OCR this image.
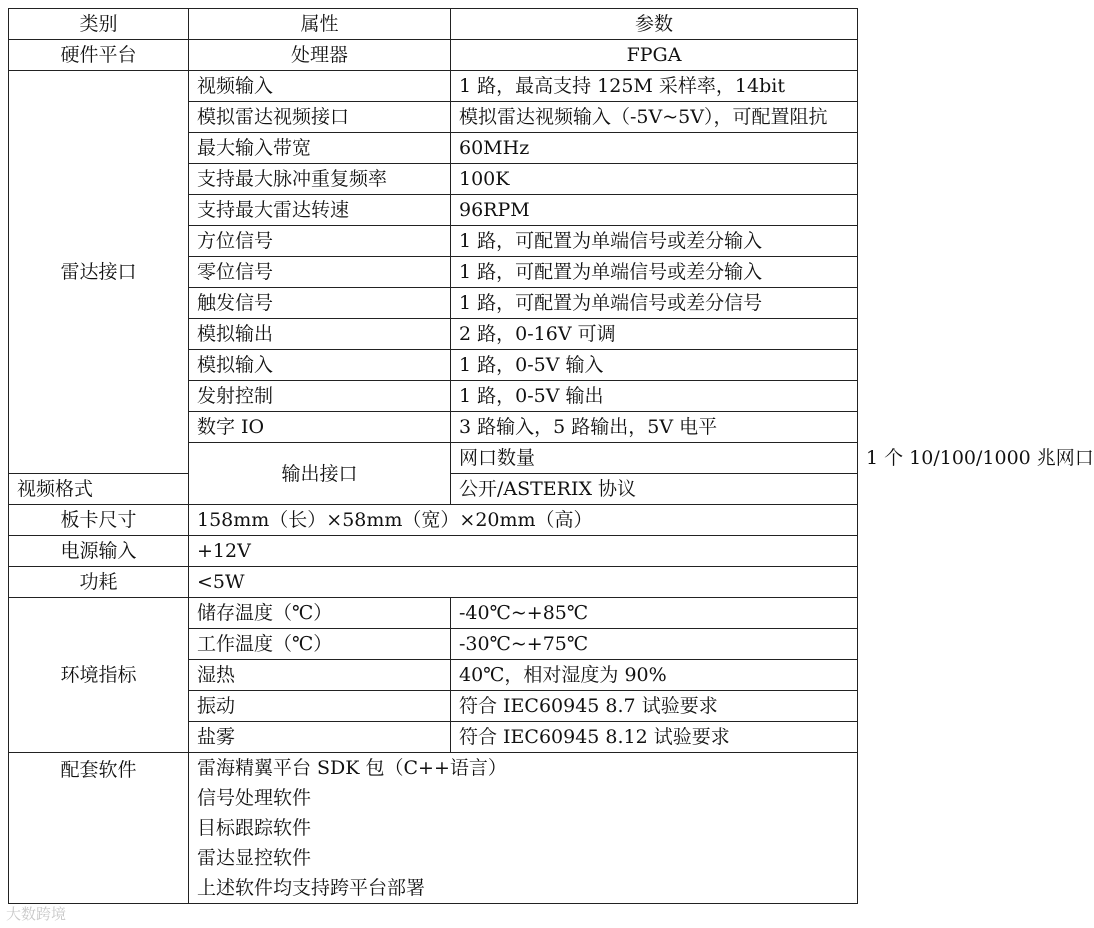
类别	属性	参数	
硬件平台	处理器	FPGA	
雷达接口	视频输入	1 路，最高支持 125M 采样率，14bit	
	模拟雷达视频接口	模拟雷达视频输入（-5V~5V），可配置阻抗	
	最大输入带宽	60MHz	
	支持最大脉冲重复频率	100K	
	支持最大雷达转速	96RPM	
	方位信号	1 路，可配置为单端信号或差分输入	
	零位信号	1 路，可配置为单端信号或差分输入	
	触发信号	1 路，可配置为单端信号或差分信号	
	模拟输出	2 路，0-16V 可调	
	模拟输入	1 路，0-5V 输入	
	发射控制	1 路，0-5V 输出	
	数字 IO	3 路输入，5 路输出，5V 电平	
	输出接口	网口数量	1 个 10/100/1000 兆网口
视频格式		公开/ASTERIX 协议	
板卡尺寸	158mm（长）×58mm（宽）×20mm（高）		
电源输入	+12V		
功耗	<5W		
环境指标	储存温度（℃）	-40℃~+85℃	
	工作温度（℃）	-30℃~+75℃	
	湿热	40℃，相对湿度为 90%	
	振动	符合 IEC60945 8.7 试验要求	
	盐雾	符合 IEC60945 8.12 试验要求	
配套软件	雷海精翼平台 SDK 包（C++语言）
信号处理软件
目标跟踪软件
雷达显控软件
上述软件均支持跨平台部署		
大数跨境
